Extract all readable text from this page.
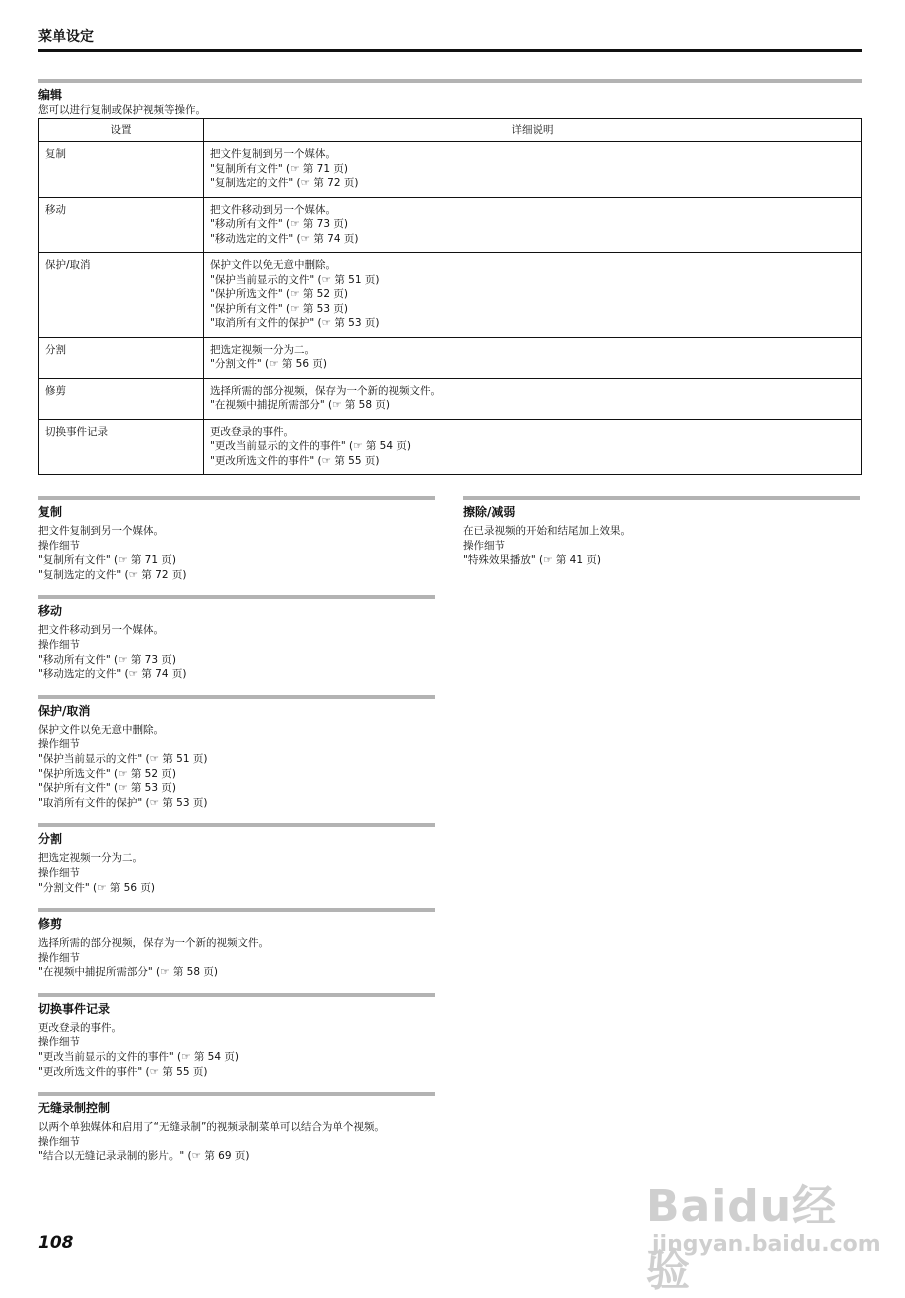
菜单设定
编辑
您可以进行复制或保护视频等操作。
设置	详细说明
复制	把文件复制到另一个媒体。
"复制所有文件" (☞ 第 71 页)
"复制选定的文件" (☞ 第 72 页)

移动	把文件移动到另一个媒体。
"移动所有文件" (☞ 第 73 页)
"移动选定的文件" (☞ 第 74 页)

保护/取消	保护文件以免无意中删除。
"保护当前显示的文件" (☞ 第 51 页)
"保护所选文件" (☞ 第 52 页)
"保护所有文件" (☞ 第 53 页)
"取消所有文件的保护" (☞ 第 53 页)

分割	把选定视频一分为二。
"分割文件" (☞ 第 56 页)

修剪	选择所需的部分视频，保存为一个新的视频文件。
"在视频中捕捉所需部分" (☞ 第 58 页)

切换事件记录	更改登录的事件。
"更改当前显示的文件的事件" (☞ 第 54 页)
"更改所选文件的事件" (☞ 第 55 页)
复制
把文件复制到另一个媒体。
操作细节
"复制所有文件" (☞ 第 71 页)
"复制选定的文件" (☞ 第 72 页)
移动
把文件移动到另一个媒体。
操作细节
"移动所有文件" (☞ 第 73 页)
"移动选定的文件" (☞ 第 74 页)
保护/取消
保护文件以免无意中删除。
操作细节
"保护当前显示的文件" (☞ 第 51 页)
"保护所选文件" (☞ 第 52 页)
"保护所有文件" (☞ 第 53 页)
"取消所有文件的保护" (☞ 第 53 页)
分割
把选定视频一分为二。
操作细节
"分割文件" (☞ 第 56 页)
修剪
选择所需的部分视频，保存为一个新的视频文件。
操作细节
"在视频中捕捉所需部分" (☞ 第 58 页)
切换事件记录
更改登录的事件。
操作细节
"更改当前显示的文件的事件" (☞ 第 54 页)
"更改所选文件的事件" (☞ 第 55 页)
无缝录制控制
以两个单独媒体和启用了“无缝录制”的视频录制菜单可以结合为单个视频。
操作细节
"结合以无缝记录录制的影片。" (☞ 第 69 页)
擦除/减弱
在已录视频的开始和结尾加上效果。
操作细节
"特殊效果播放" (☞ 第 41 页)
108
Baidu经验
jingyan.baidu.com
